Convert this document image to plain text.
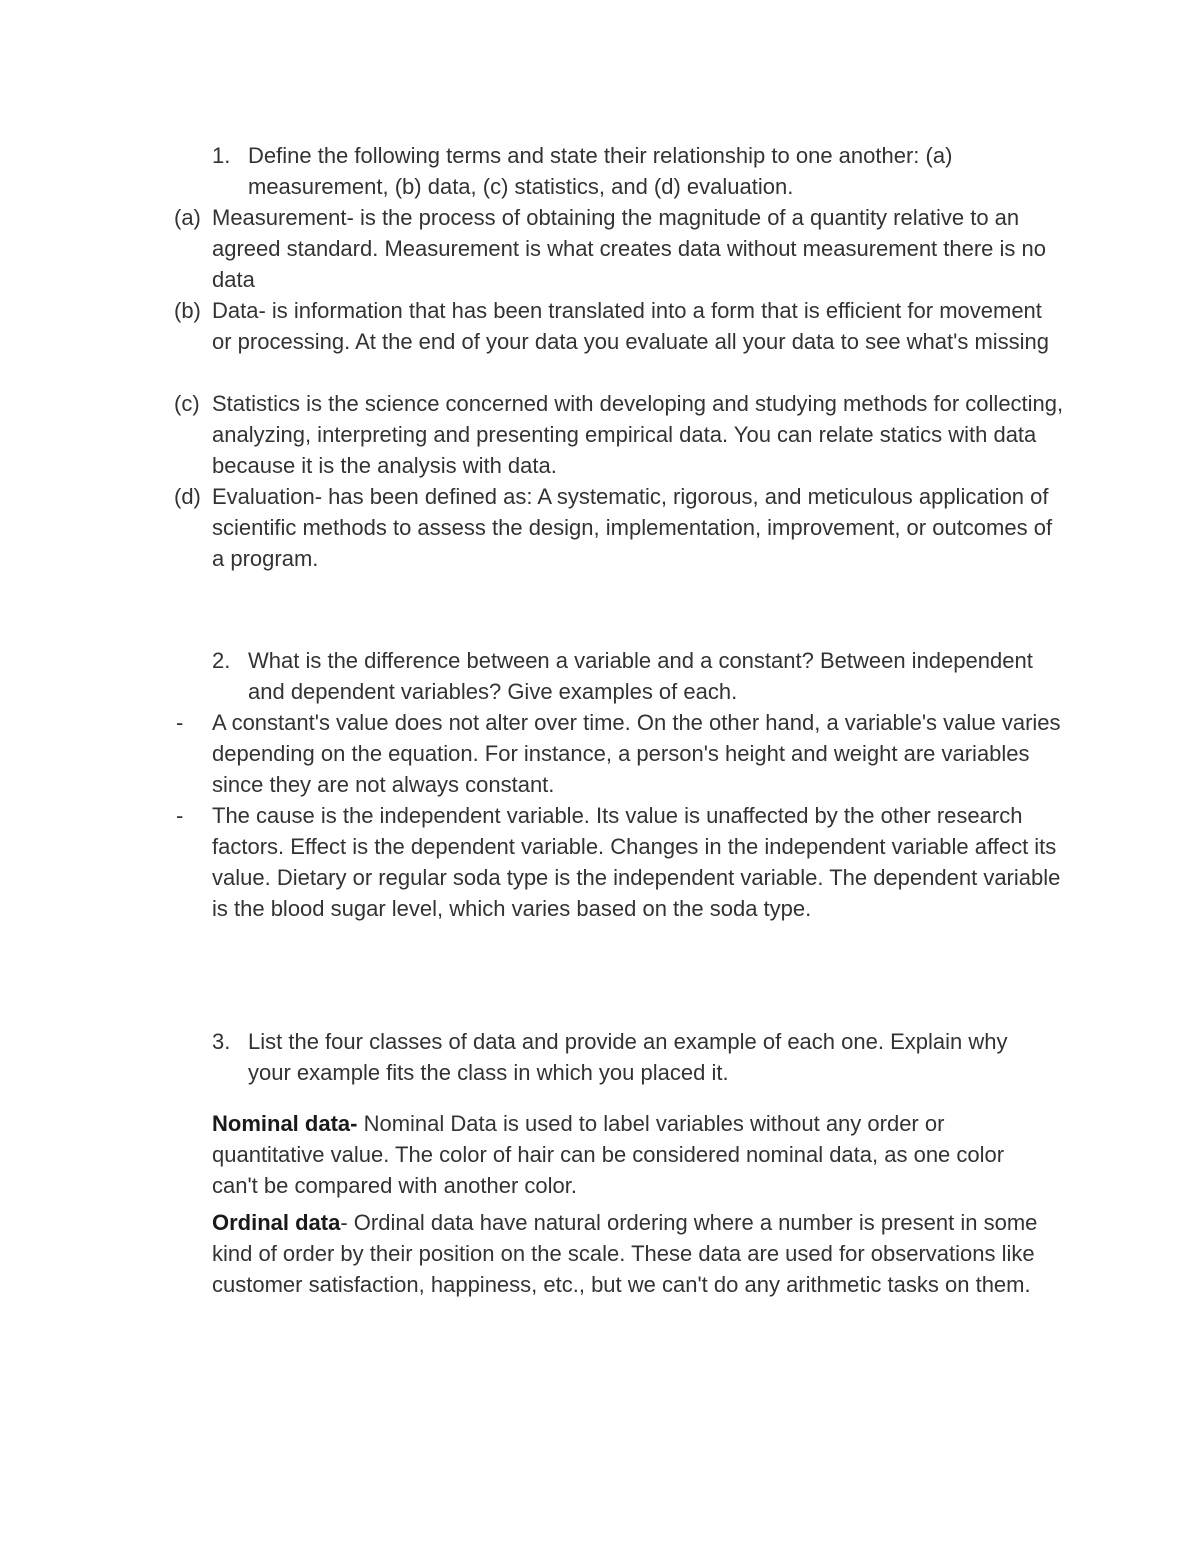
1. Define the following terms and state their relationship to one another: (a) measurement, (b) data, (c) statistics, and (d) evaluation.
(a) Measurement- is the process of obtaining the magnitude of a quantity relative to an agreed standard. Measurement is what creates data without measurement there is no data
(b) Data- is information that has been translated into a form that is efficient for movement or processing. At the end of your data you evaluate all your data to see what's missing
(c) Statistics is the science concerned with developing and studying methods for collecting, analyzing, interpreting and presenting empirical data. You can relate statics with data because it is the analysis with data.
(d) Evaluation- has been defined as: A systematic, rigorous, and meticulous application of scientific methods to assess the design, implementation, improvement, or outcomes of a program.
2. What is the difference between a variable and a constant? Between independent and dependent variables? Give examples of each.
- A constant's value does not alter over time. On the other hand, a variable's value varies depending on the equation. For instance, a person's height and weight are variables since they are not always constant.
- The cause is the independent variable. Its value is unaffected by the other research factors. Effect is the dependent variable. Changes in the independent variable affect its value. Dietary or regular soda type is the independent variable. The dependent variable is the blood sugar level, which varies based on the soda type.
3. List the four classes of data and provide an example of each one. Explain why your example fits the class in which you placed it.
Nominal data- Nominal Data is used to label variables without any order or quantitative value. The color of hair can be considered nominal data, as one color can't be compared with another color.
Ordinal data- Ordinal data have natural ordering where a number is present in some kind of order by their position on the scale. These data are used for observations like customer satisfaction, happiness, etc., but we can't do any arithmetic tasks on them.
